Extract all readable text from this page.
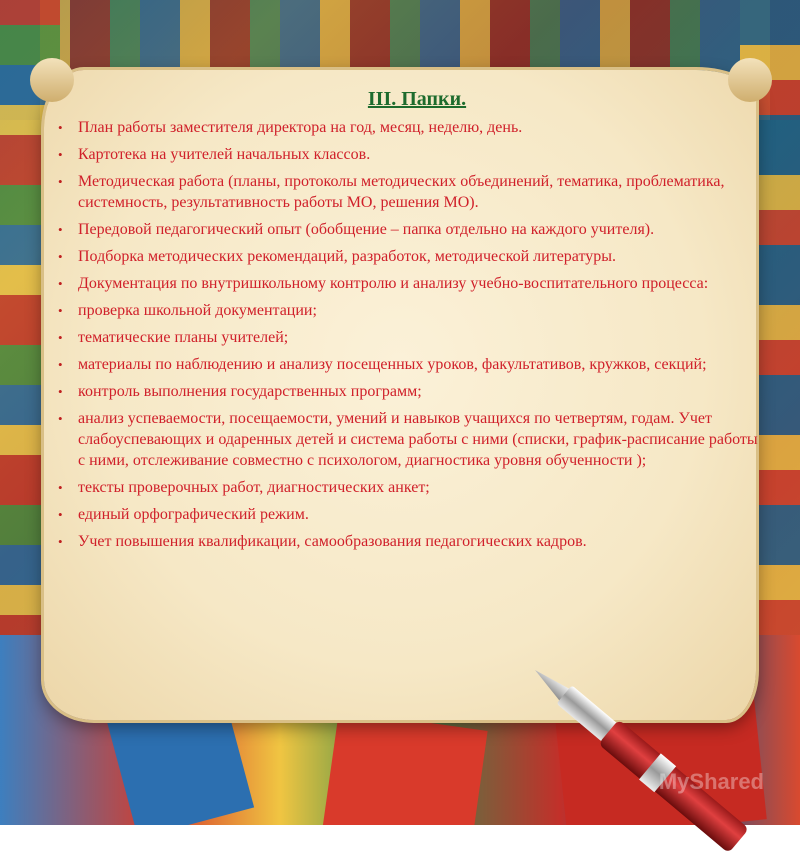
III. Папки.
• План работы заместителя директора на год, месяц, неделю, день.
• Картотека на учителей начальных классов.
• Методическая работа (планы, протоколы методических объединений, тематика, проблематика, системность, результативность работы МО, решения МО).
• Передовой педагогический опыт (обобщение – папка отдельно на каждого учителя).
• Подборка методических рекомендаций, разработок, методической литературы.
• Документация по внутришкольному контролю и анализу учебно-воспитательного процесса:
• проверка школьной документации;
• тематические планы учителей;
• материалы по наблюдению и анализу посещенных уроков, факультативов, кружков, секций;
• контроль выполнения государственных программ;
• анализ успеваемости, посещаемости, умений и навыков учащихся по четвертям, годам. Учет слабоуспевающих и одаренных детей и система работы с ними (списки, график-расписание работы с ними, отслеживание совместно с психологом, диагностика уровня обученности );
• тексты проверочных работ, диагностических анкет;
• единый орфографический режим.
• Учет повышения квалификации, самообразования педагогических кадров.
MyShared
